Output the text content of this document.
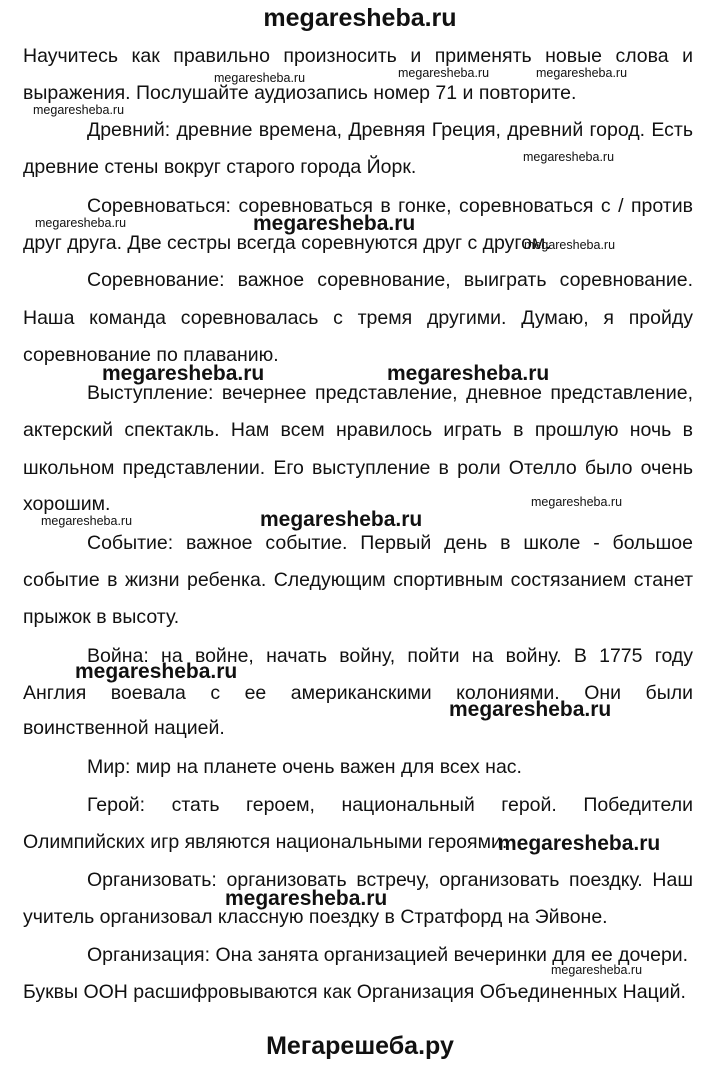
megaresheba.ru
Научитесь как правильно произносить и применять новые слова и
выражения. Послушайте аудиозапись номер 71 и повторите.
Древний: древние времена, Древняя Греция, древний город. Есть
древние стены вокруг старого города Йорк.
Соревноваться: соревноваться в гонке, соревноваться с / против
друг друга. Две сестры всегда соревнуются друг с другом.
Соревнование: важное соревнование, выиграть соревнование.
Наша команда соревновалась с тремя другими. Думаю, я пройду
соревнование по плаванию.
Выступление: вечернее представление, дневное представление,
актерский спектакль. Нам всем нравилось играть в прошлую ночь в
школьном представлении. Его выступление в роли Отелло было очень
хорошим.
Событие: важное событие. Первый день в школе - большое
событие в жизни ребенка. Следующим спортивным состязанием станет
прыжок в высоту.
Война: на войне, начать войну, пойти на войну. В 1775 году
Англия воевала с ее американскими колониями. Они были
воинственной нацией.
Мир: мир на планете очень важен для всех нас.
Герой: стать героем, национальный герой. Победители
Олимпийских игр являются национальными героями.
Организовать: организовать встречу, организовать поездку. Наш
учитель организовал классную поездку в Стратфорд на Эйвоне.
Организация: Она занята организацией вечеринки для ее дочери.
Буквы ООН расшифровываются как Организация Объединенных Наций.
megaresheba.ru	megaresheba.ru	megaresheba.ru
megaresheba.ru
megaresheba.ru
megaresheba.ru
megaresheba.ru
megaresheba.ru
megaresheba.ru
megaresheba.ru
megaresheba.ru
megaresheba.ru	megaresheba.ru
megaresheba.ru
megaresheba.ru
megaresheba.ru
megaresheba.ru
megaresheba.ru
Мегарешеба.ру
